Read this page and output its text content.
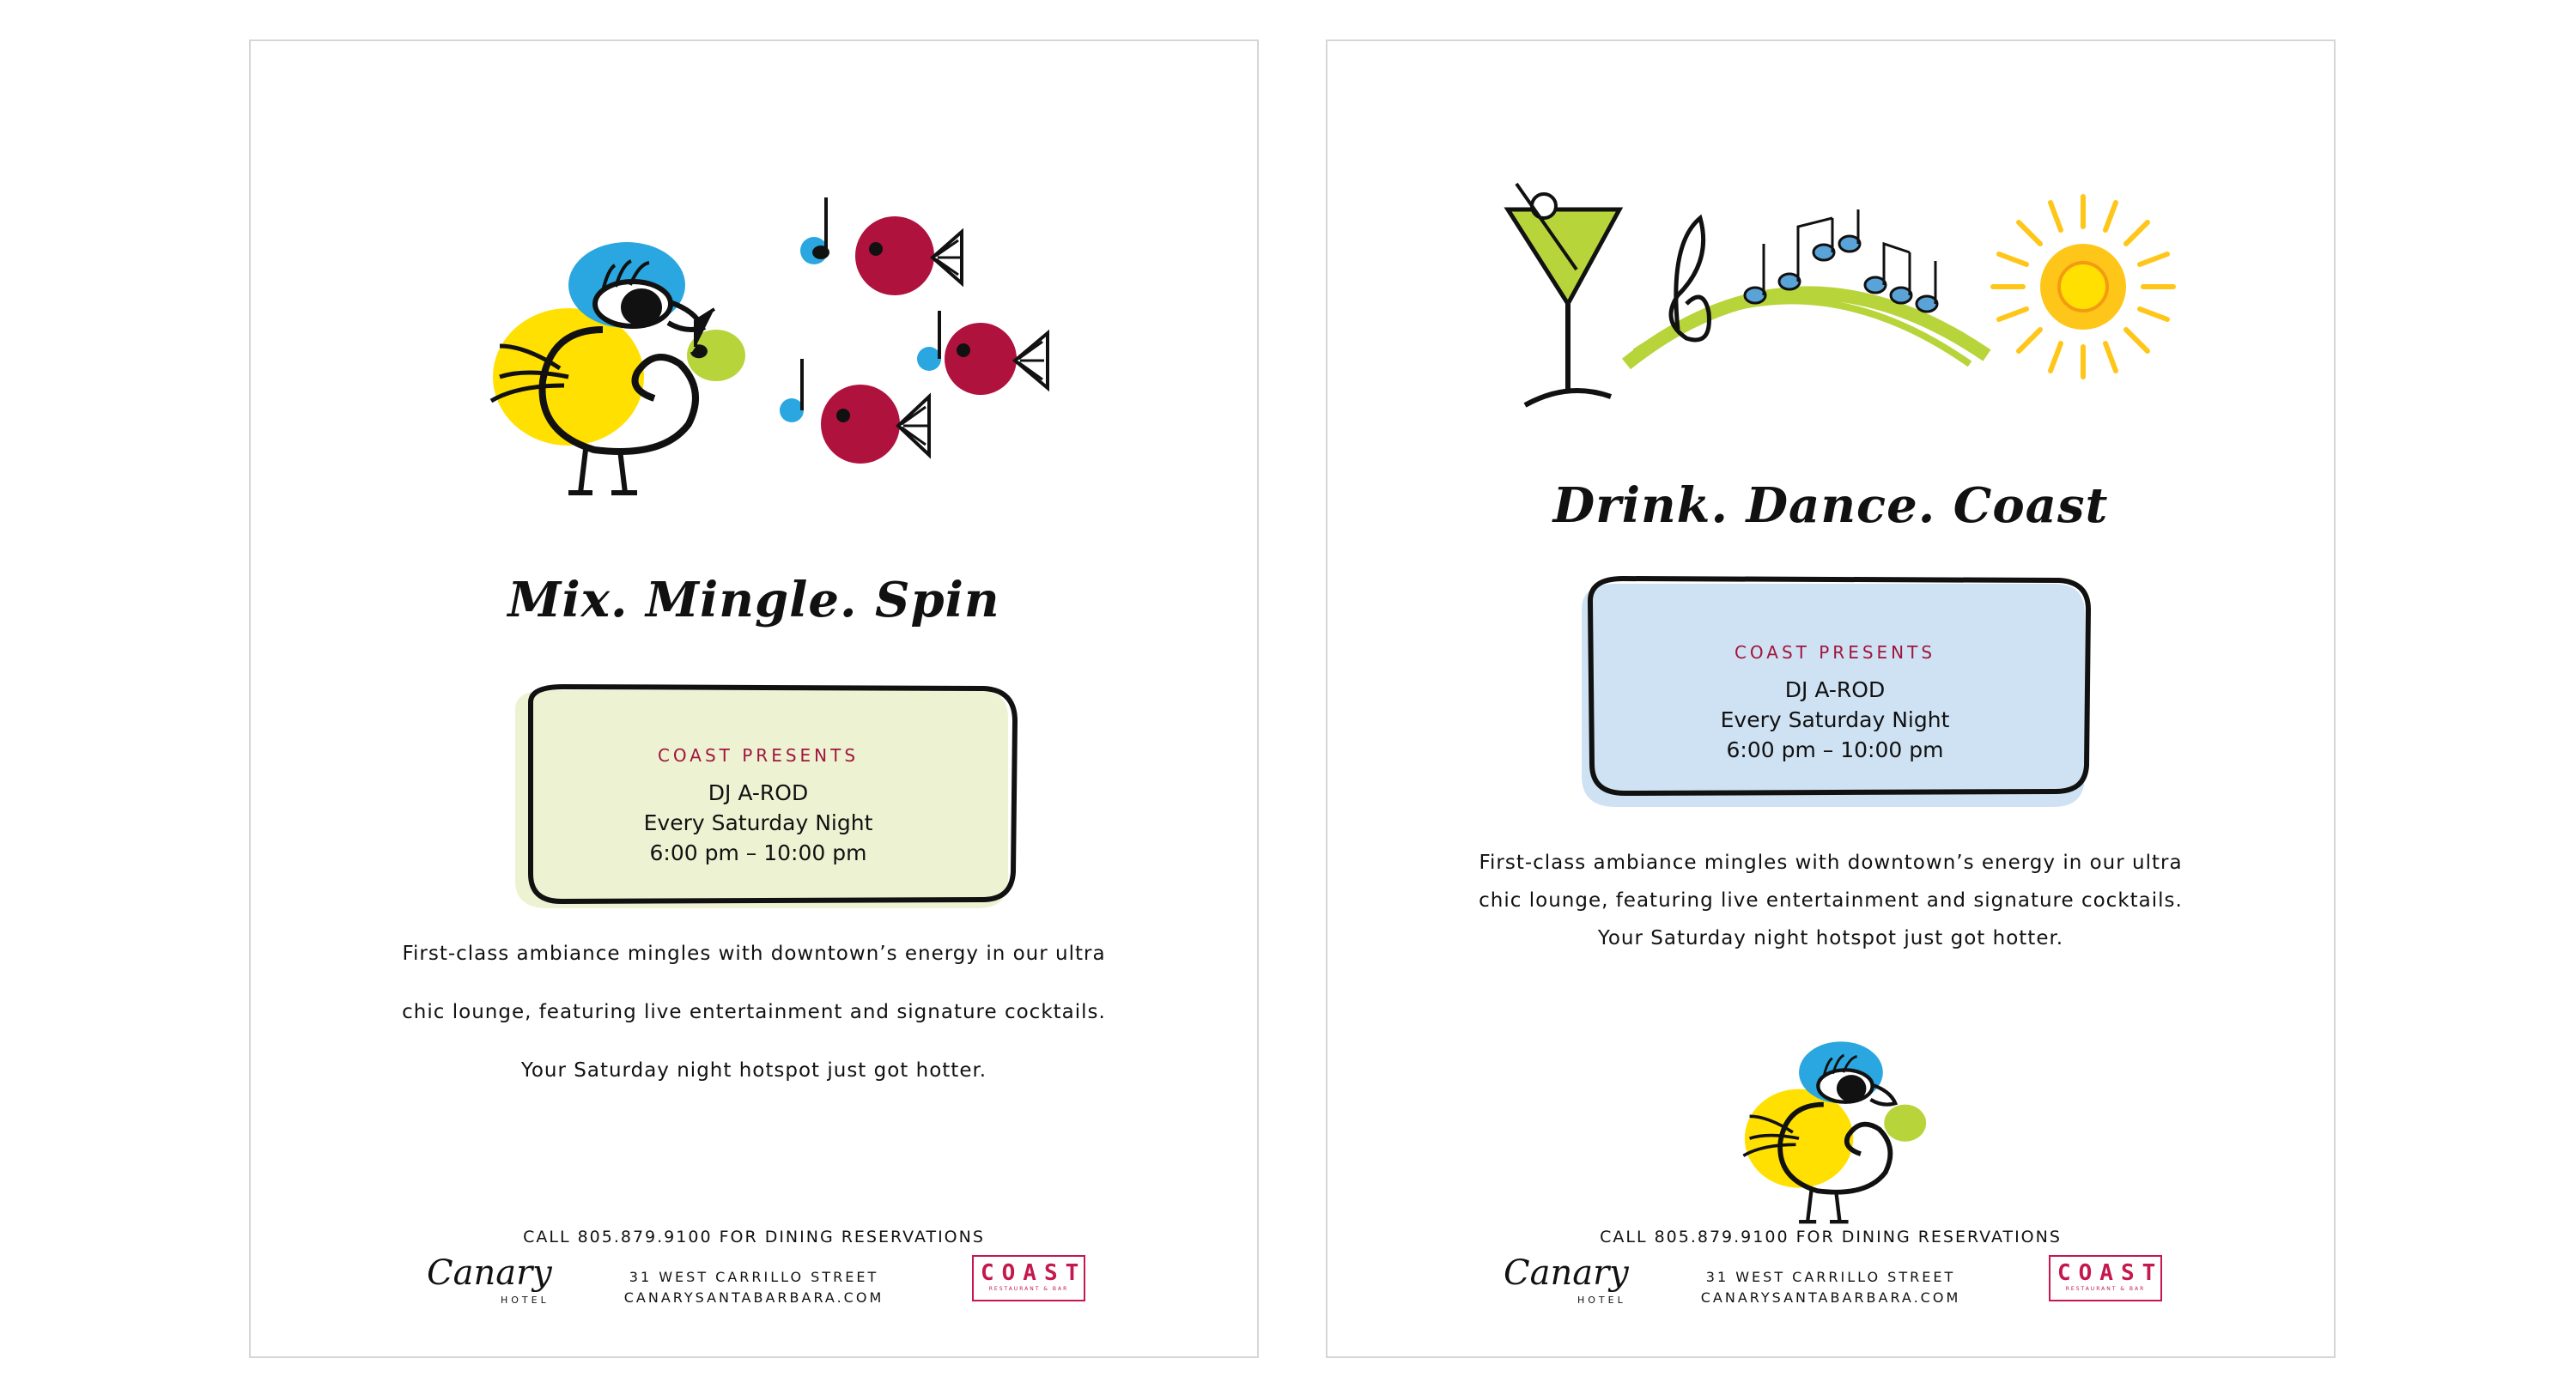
Mix. Mingle. Spin
COAST PRESENTS
DJ A-ROD
Every Saturday Night
6:00 pm – 10:00 pm

First-class ambiance mingles with downtown’s energy in our ultra

chic lounge, featuring live entertainment and signature cocktails.

Your Saturday night hotspot just got hotter.

CALL 805.879.9100 FOR DINING RESERVATIONS
Canary
HOTEL
31 WEST CARRILLO STREET
CANARYSANTABARBARA.COM
COAST
RESTAURANT & BAR
Drink. Dance. Coast
COAST PRESENTS
DJ A-ROD
Every Saturday Night
6:00 pm – 10:00 pm

First-class ambiance mingles with downtown’s energy in our ultra

chic lounge, featuring live entertainment and signature cocktails.

Your Saturday night hotspot just got hotter.

CALL 805.879.9100 FOR DINING RESERVATIONS
Canary
HOTEL
31 WEST CARRILLO STREET
CANARYSANTABARBARA.COM
COAST
RESTAURANT & BAR
